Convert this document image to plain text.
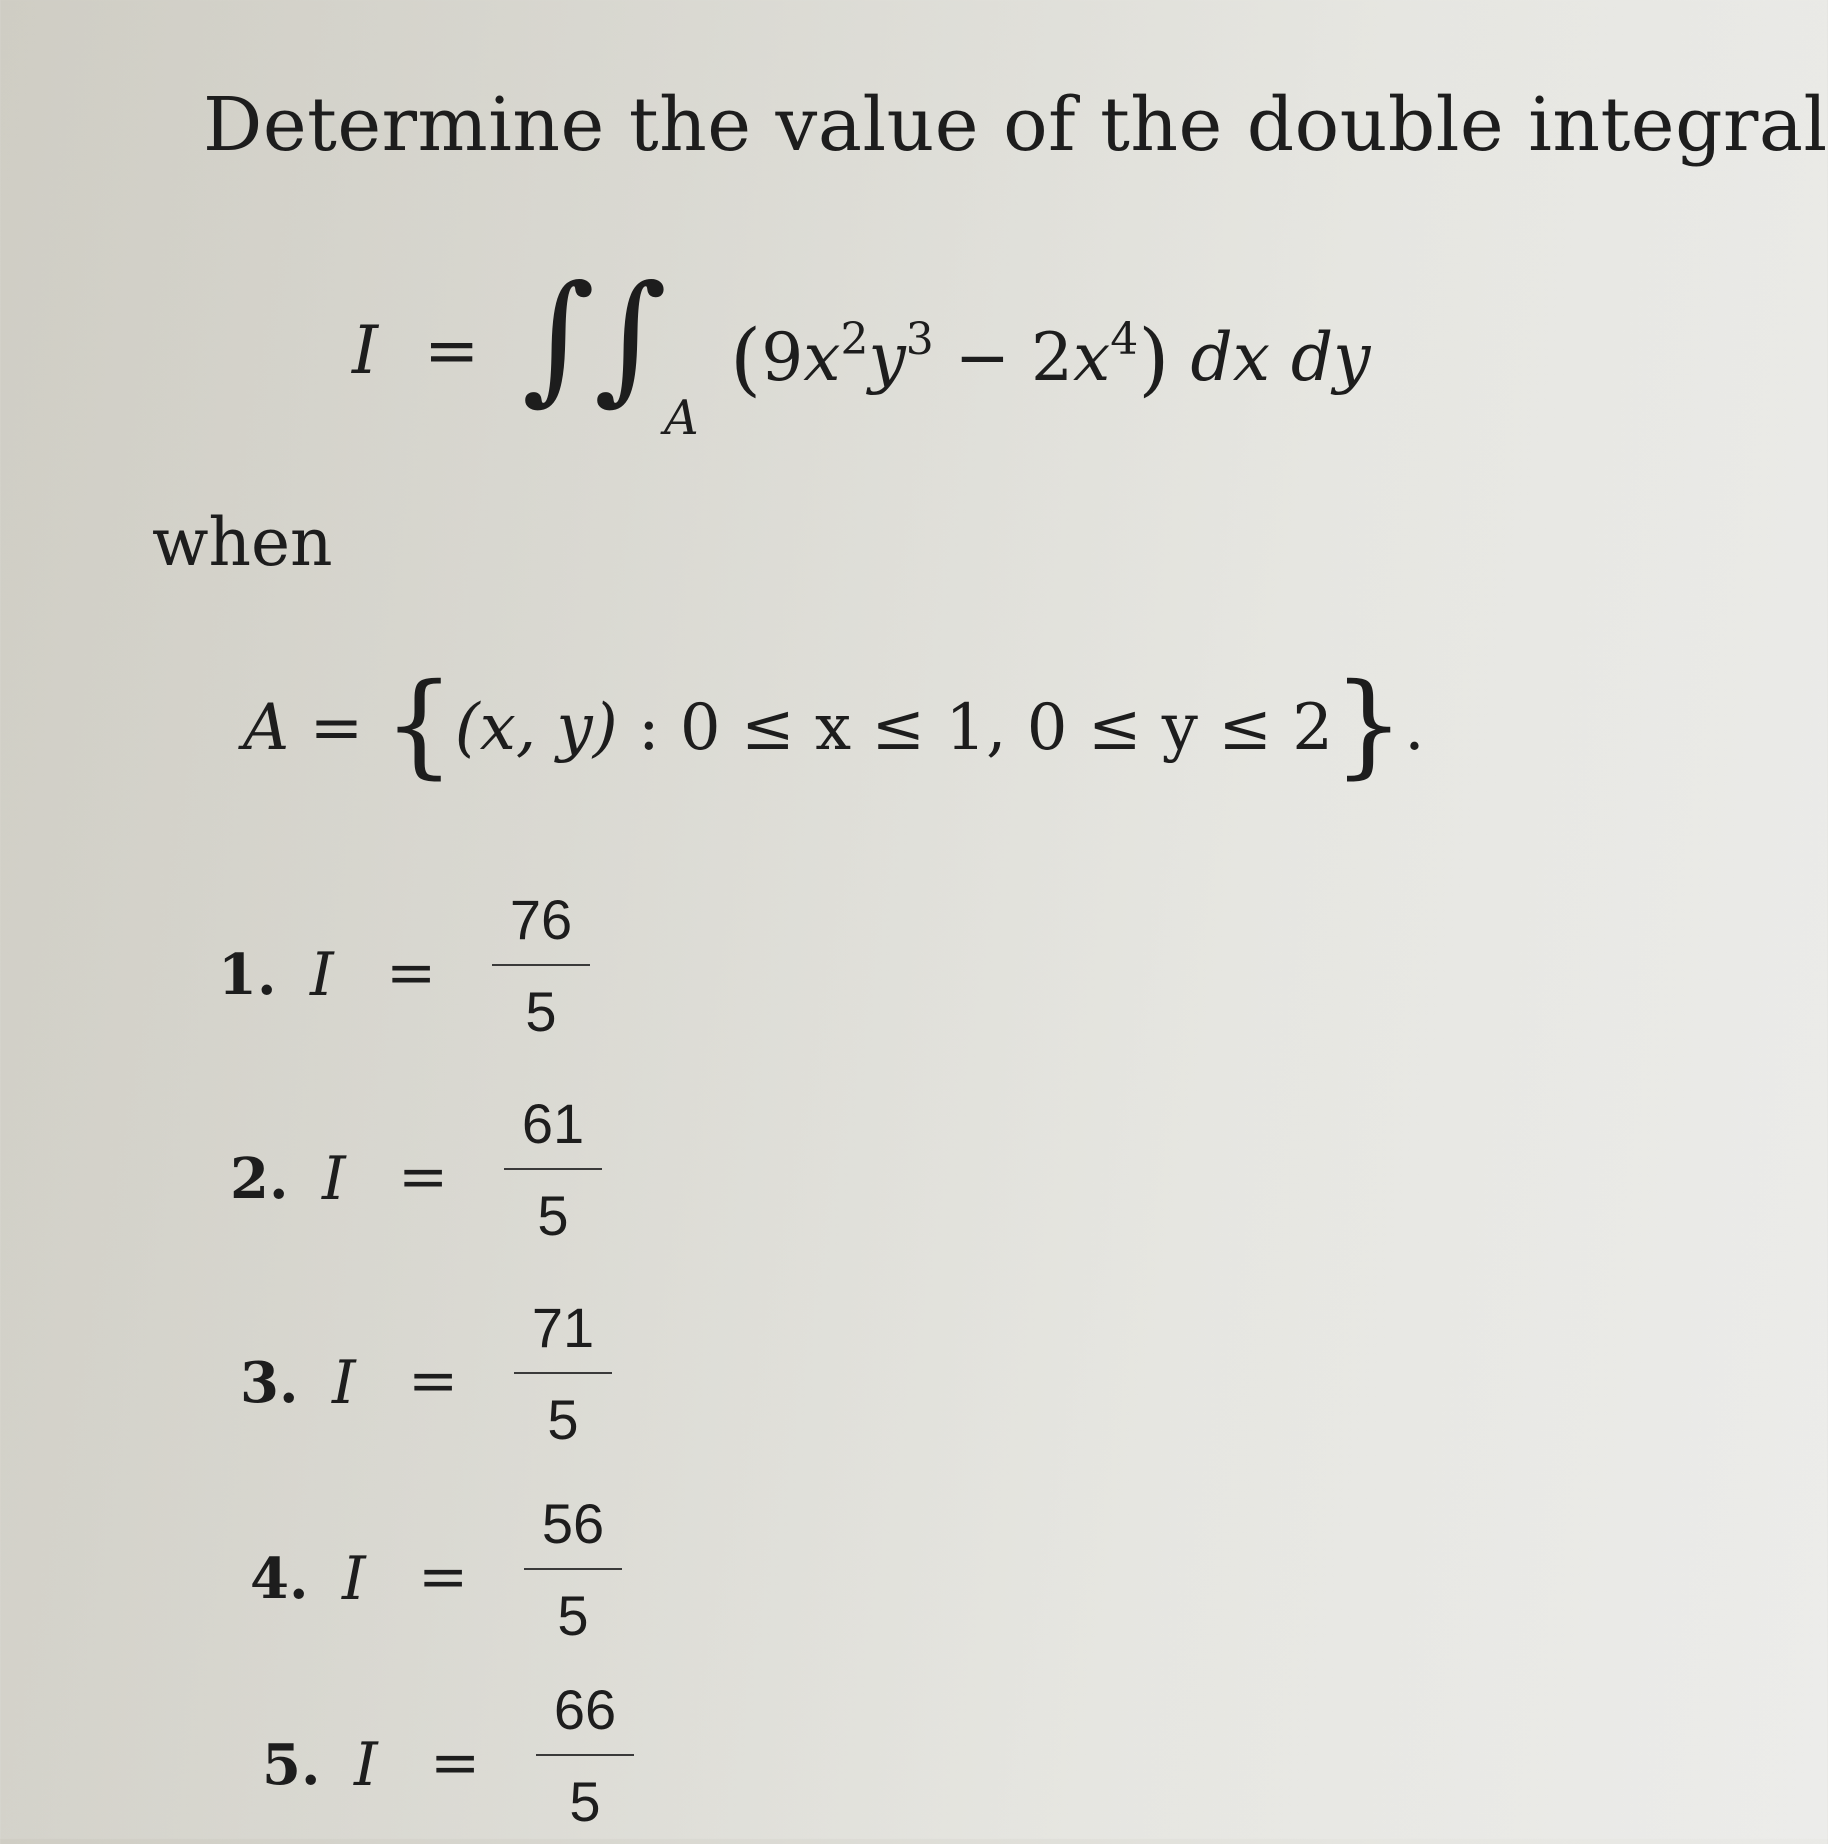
Determine the value of the double integral
I = ∫ ∫
A
$(9x^2y^3 - 2x^4)$ dx dy
when
A = {(x, y) : 0 ≤ x ≤ 1, 0 ≤ y ≤ 2}.
1. I =
76
5
2. I =
61
5
3. I =
71
5
4. I =
56
5
5. I =
66
5
